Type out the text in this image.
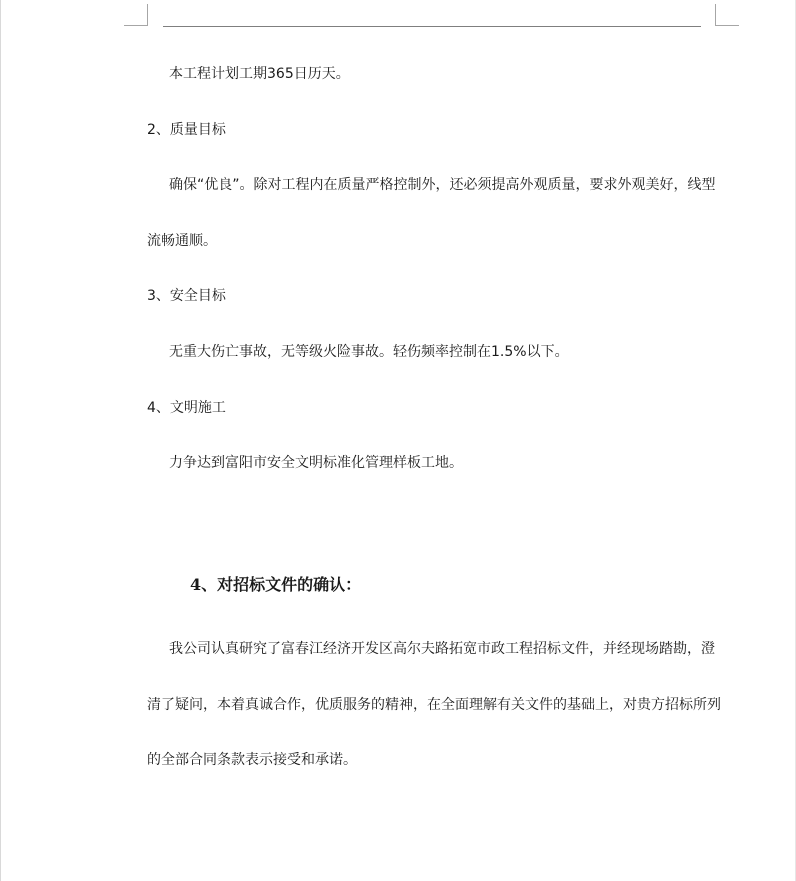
本工程计划工期365日历天。
2、质量目标
确保“优良”。除对工程内在质量严格控制外，还必须提高外观质量，要求外观美好，线型
流畅通顺。
3、安全目标
无重大伤亡事故，无等级火险事故。轻伤频率控制在1.5%以下。
4、文明施工
力争达到富阳市安全文明标准化管理样板工地。
4、对招标文件的确认：
我公司认真研究了富春江经济开发区高尔夫路拓宽市政工程招标文件，并经现场踏勘，澄
清了疑问，本着真诚合作，优质服务的精神，在全面理解有关文件的基础上，对贵方招标所列
的全部合同条款表示接受和承诺。
